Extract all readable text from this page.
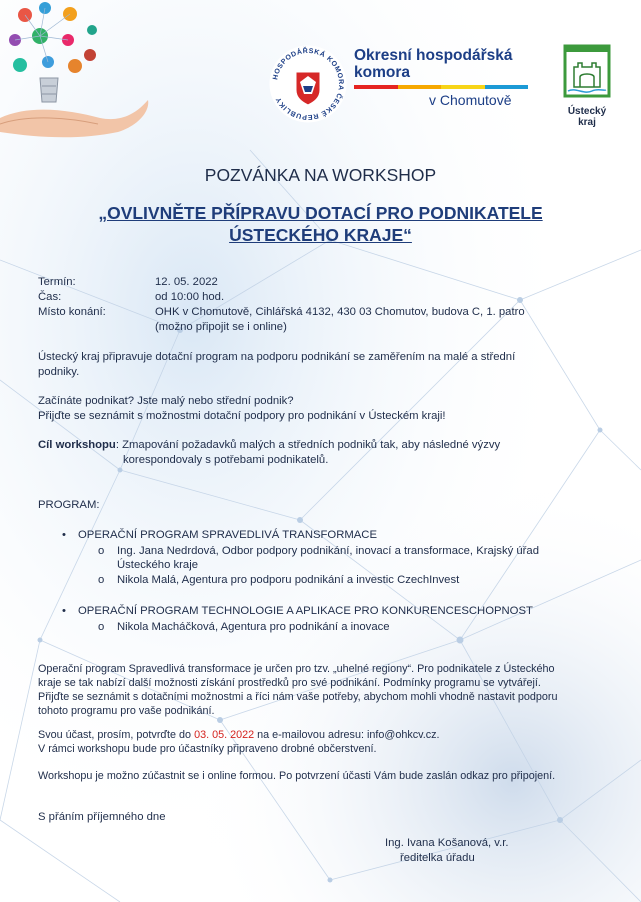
HOSPODÁŘSKÁ KOMORA ČESKÉ REPUBLIKY
Okresní hospodářská
komora
v Chomutově
Ústecký kraj
POZVÁNKA NA WORKSHOP
„OVLIVNĚTE PŘÍPRAVU DOTACÍ PRO PODNIKATELE
ÚSTECKÉHO KRAJE“
Termín:	12. 05. 2022
Čas:	od 10:00 hod.
Místo konání:	OHK v Chomutově, Cihlářská 4132, 430 03 Chomutov, budova C, 1. patro
(možno připojit se i online)
Ústecký kraj připravuje dotační program na podporu podnikání se zaměřením na malé a střední
podniky.
Začínáte podnikat? Jste malý nebo střední podnik?
Přijďte se seznámit s možnostmi dotační podpory pro podnikání v Ústeckém kraji!
Cíl workshopu: Zmapování požadavků malých a středních podniků tak, aby následné výzvy
korespondovaly s potřebami podnikatelů.
PROGRAM:
• OPERAČNÍ PROGRAM SPRAVEDLIVÁ TRANSFORMACE
o Ing. Jana Nedrdová, Odbor podpory podnikání, inovací a transformace, Krajský úřad
Ústeckého kraje
o Nikola Malá, Agentura pro podporu podnikání a investic CzechInvest
• OPERAČNÍ PROGRAM TECHNOLOGIE A APLIKACE PRO KONKURENCESCHOPNOST
o Nikola Macháčková, Agentura pro podnikání a inovace
Operační program Spravedlivá transformace je určen pro tzv. „uhelné regiony“. Pro podnikatele z Ústeckého
kraje se tak nabízí další možnosti získání prostředků pro své podnikání. Podmínky programu se vytvářejí.
Přijďte se seznámit s dotačními možnostmi a říci nám vaše potřeby, abychom mohli vhodně nastavit podporu
tohoto programu pro vaše podnikání.
Svou účast, prosím, potvrďte do 03. 05. 2022 na e-mailovou adresu: info@ohkcv.cz.
V rámci workshopu bude pro účastníky připraveno drobné občerstvení.
Workshopu je možno zúčastnit se i online formou. Po potvrzení účasti Vám bude zaslán odkaz pro připojení.
S přáním příjemného dne
Ing. Ivana Košanová, v.r.
ředitelka úřadu
